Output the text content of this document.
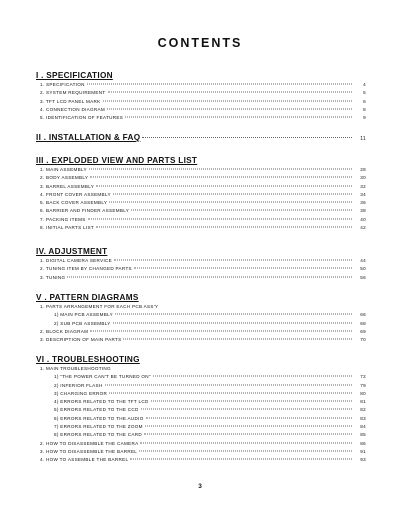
CONTENTS
I . SPECIFICATION
1. SPECIFICATION	4
2. SYSTEM REQUIREMENT	5
3. TFT LCD PANEL MARK	6
4. CONNECTION DIAGRAM	8
5. IDENTIFICATION OF FEATURES	9
II . INSTALLATION & FAQ	11
III . EXPLODED VIEW AND PARTS LIST
1. MAIN ASSEMBLY	28
2. BODY ASSEMBLY	30
3. BARREL ASSEMBLY	32
4. FRONT COVER ASSEMBLY	34
5. BACK COVER ASSEMBLY	36
6. BARRIER AND FINDER ASSEMBLY	38
7. PACKING ITEMS	40
8. INITIAL PARTS LIST	42
IV. ADJUSTMENT
1. DIGITAL CAMERA SERVICE	44
2. TUNING ITEM BY CHANGED PARTS	50
3. TUNING	56
V . PATTERN DIAGRAMS
1. PARTS ARRANGEMENT FOR EACH PCB ASS'Y
1) MAIN PCB ASSEMBLY	66
2) SUB PCB ASSEMBLY	68
2. BLOCK DIAGRAM	69
3. DESCRIPTION OF MAIN PARTS	70
VI . TROUBLESHOOTING
1. MAIN TROUBLESHOOTING
1) "THE POWER CAN'T BE TURNED ON"	72
2) INFERIOR FLASH	79
3) CHARGING ERROR	80
4) ERRORS RELATED TO THE TFT LCD	81
5) ERRORS RELATED TO THE CCD	82
6) ERRORS RELATED TO THE AUDIO	83
7) ERRORS RELATED TO THE ZOOM	84
8) ERRORS RELATED TO THE CARD	85
2. HOW TO DISASSEMBLE THE CAMERA	86
3. HOW TO DISASSEMBLE THE BARREL	91
4. HOW TO ASSEMBLE THE BARREL	93
3
